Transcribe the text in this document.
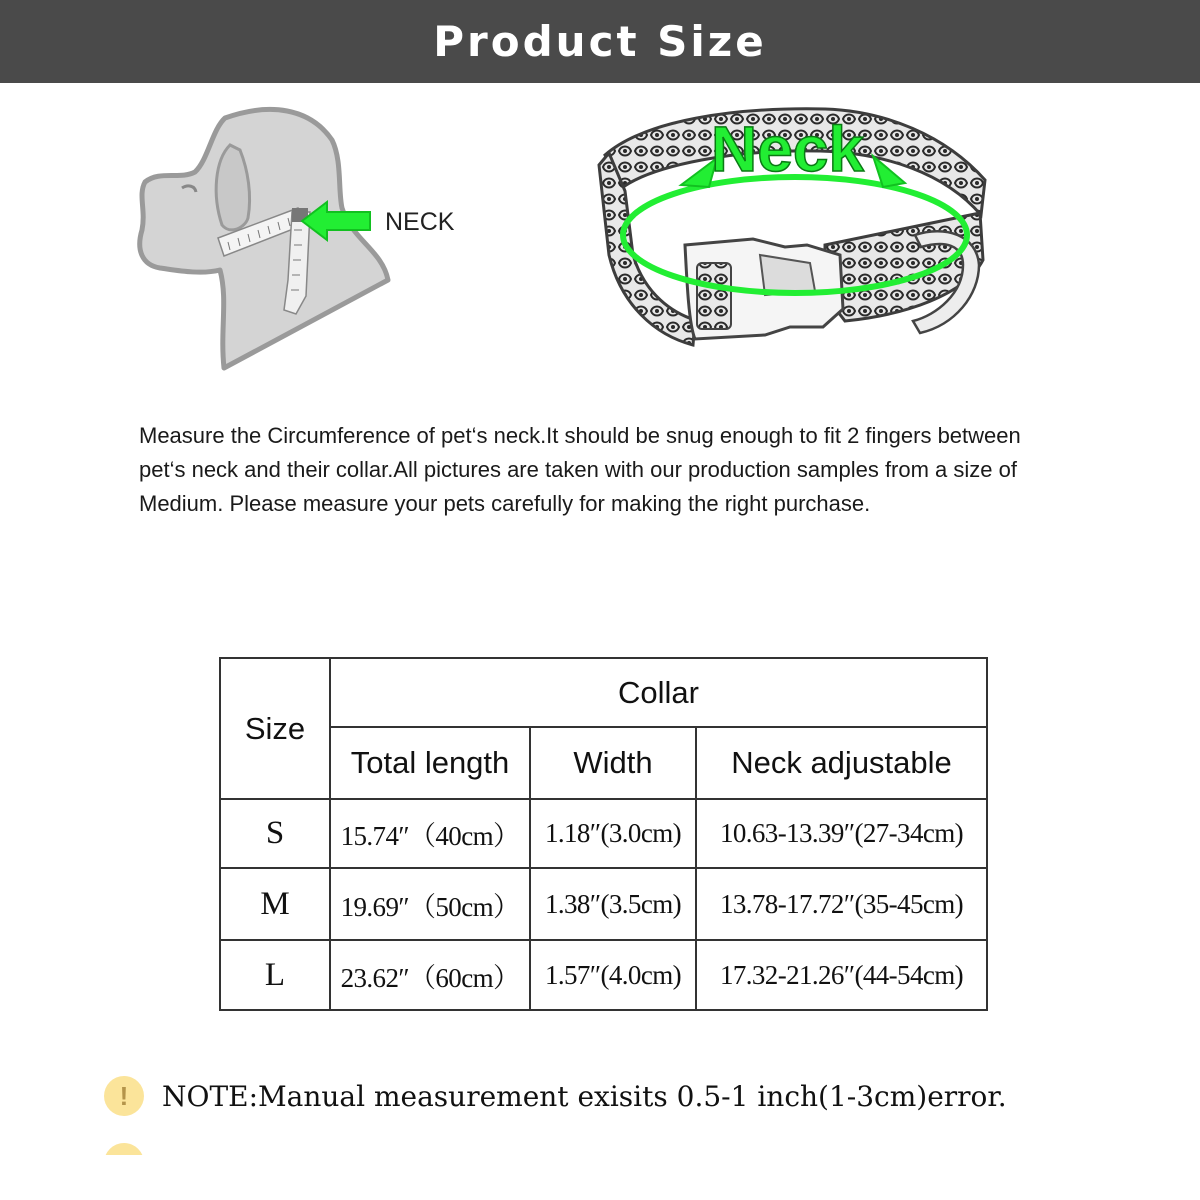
Product Size
NECK
Neck

Measure the Circumference of pet‘s neck.It should be snug enough to fit 2 fingers between pet‘s neck and their collar.All pictures are taken with our production samples from a size of Medium. Please measure your pets carefully for making the right purchase.

Size	Collar		
	Total length	Width	Neck adjustable
S	15.74″（40cm）	1.18″(3.0cm)	10.63-13.39″(27-34cm)
M	19.69″（50cm）	1.38″(3.5cm)	13.78-17.72″(35-45cm)
L	23.62″（60cm）	1.57″(4.0cm)	17.32-21.26″(44-54cm)
!	NOTE:Manual measurement exisits 0.5-1 inch(1-3cm)error.
